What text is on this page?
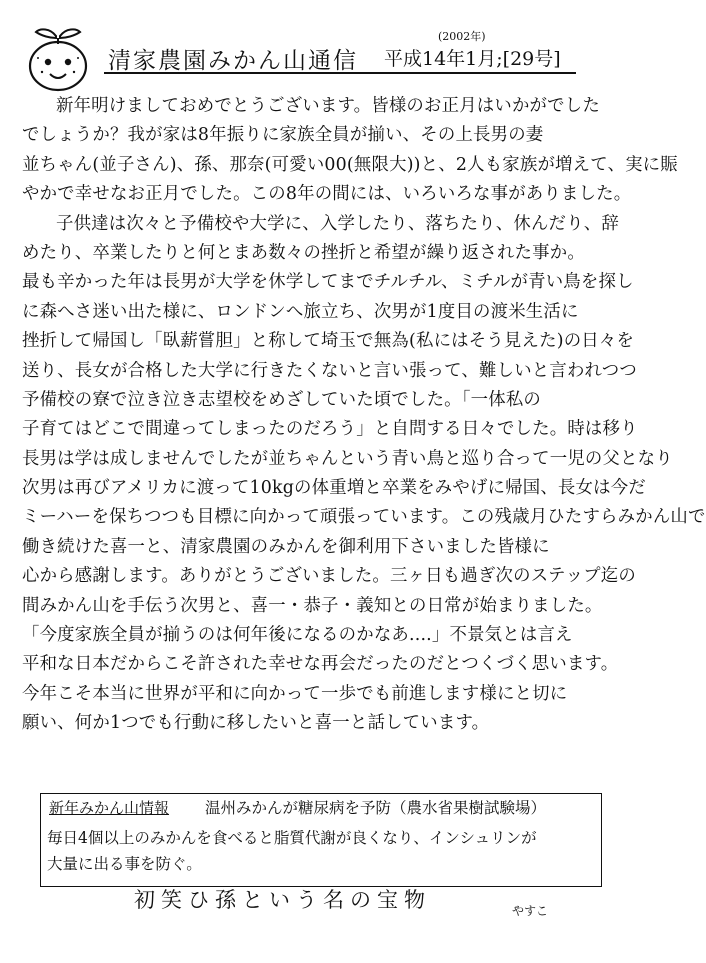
清家農園みかん山通信
(2002年)
平成14年1月;[29号]
新年明けましておめでとうございます。皆様のお正月はいかがでした
でしょうか？我が家は8年振りに家族全員が揃い、その上長男の妻
並ちゃん(並子さん)、孫、那奈(可愛い00(無限大))と、2人も家族が増えて、実に賑
やかで幸せなお正月でした。この8年の間には、いろいろな事がありました。
子供達は次々と予備校や大学に、入学したり、落ちたり、休んだり、辞
めたり、卒業したりと何とまあ数々の挫折と希望が繰り返された事か。
最も辛かった年は長男が大学を休学してまでチルチル、ミチルが青い鳥を探し
に森へさ迷い出た様に、ロンドンへ旅立ち、次男が1度目の渡米生活に
挫折して帰国し「臥薪嘗胆」と称して埼玉で無為(私にはそう見えた)の日々を
送り、長女が合格した大学に行きたくないと言い張って、難しいと言われつつ
予備校の寮で泣き泣き志望校をめざしていた頃でした。「一体私の
子育てはどこで間違ってしまったのだろう」と自問する日々でした。時は移り
長男は学は成しませんでしたが並ちゃんという青い鳥と巡り合って一児の父となり
次男は再びアメリカに渡って10kgの体重増と卒業をみやげに帰国、長女は今だ
ミーハーを保ちつつも目標に向かって頑張っています。この残歳月ひたすらみかん山で
働き続けた喜一と、清家農園のみかんを御利用下さいました皆様に
心から感謝します。ありがとうございました。三ヶ日も過ぎ次のステップ迄の
間みかん山を手伝う次男と、喜一・恭子・義知との日常が始まりました。
「今度家族全員が揃うのは何年後になるのかなあ....」不景気とは言え
平和な日本だからこそ許された幸せな再会だったのだとつくづく思います。
今年こそ本当に世界が平和に向かって一歩でも前進します様にと切に
願い、何か1つでも行動に移したいと喜一と話しています。
新年みかん山情報 温州みかんが糖尿病を予防（農水省果樹試験場）
毎日4個以上のみかんを食べると脂質代謝が良くなり、インシュリンが
大量に出る事を防ぐ。
初笑ひ孫という名の宝物	やすこ
